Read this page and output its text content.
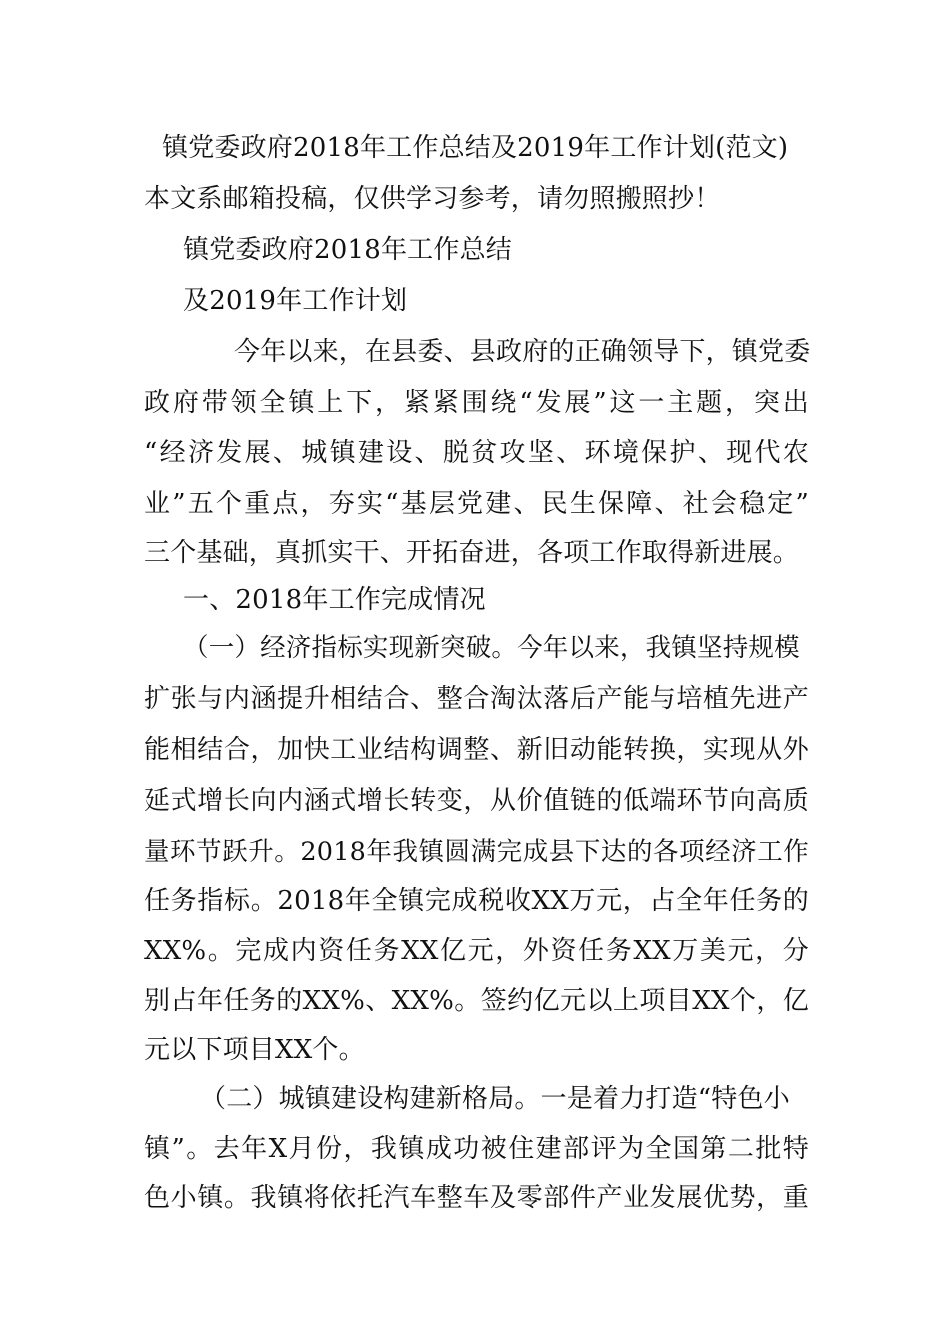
镇党委政府2018年工作总结及2019年工作计划(范文)
本文系邮箱投稿，仅供学习参考，请勿照搬照抄！
镇党委政府2018年工作总结
及2019年工作计划
今年以来，在县委、县政府的正确领导下，镇党委
政府带领全镇上下，紧紧围绕“发展”这一主题，突出
“经济发展、城镇建设、脱贫攻坚、环境保护、现代农
业”五个重点，夯实“基层党建、民生保障、社会稳定”
三个基础，真抓实干、开拓奋进，各项工作取得新进展。
一、2018年工作完成情况
（一）经济指标实现新突破。今年以来，我镇坚持规模
扩张与内涵提升相结合、整合淘汰落后产能与培植先进产
能相结合，加快工业结构调整、新旧动能转换，实现从外
延式增长向内涵式增长转变，从价值链的低端环节向高质
量环节跃升。2018年我镇圆满完成县下达的各项经济工作
任务指标。2018年全镇完成税收XX万元，占全年任务的
XX%。完成内资任务XX亿元，外资任务XX万美元，分
别占年任务的XX%、XX%。签约亿元以上项目XX个，亿
元以下项目XX个。
（二）城镇建设构建新格局。一是着力打造“特色小
镇”。去年X月份，我镇成功被住建部评为全国第二批特
色小镇。我镇将依托汽车整车及零部件产业发展优势，重
